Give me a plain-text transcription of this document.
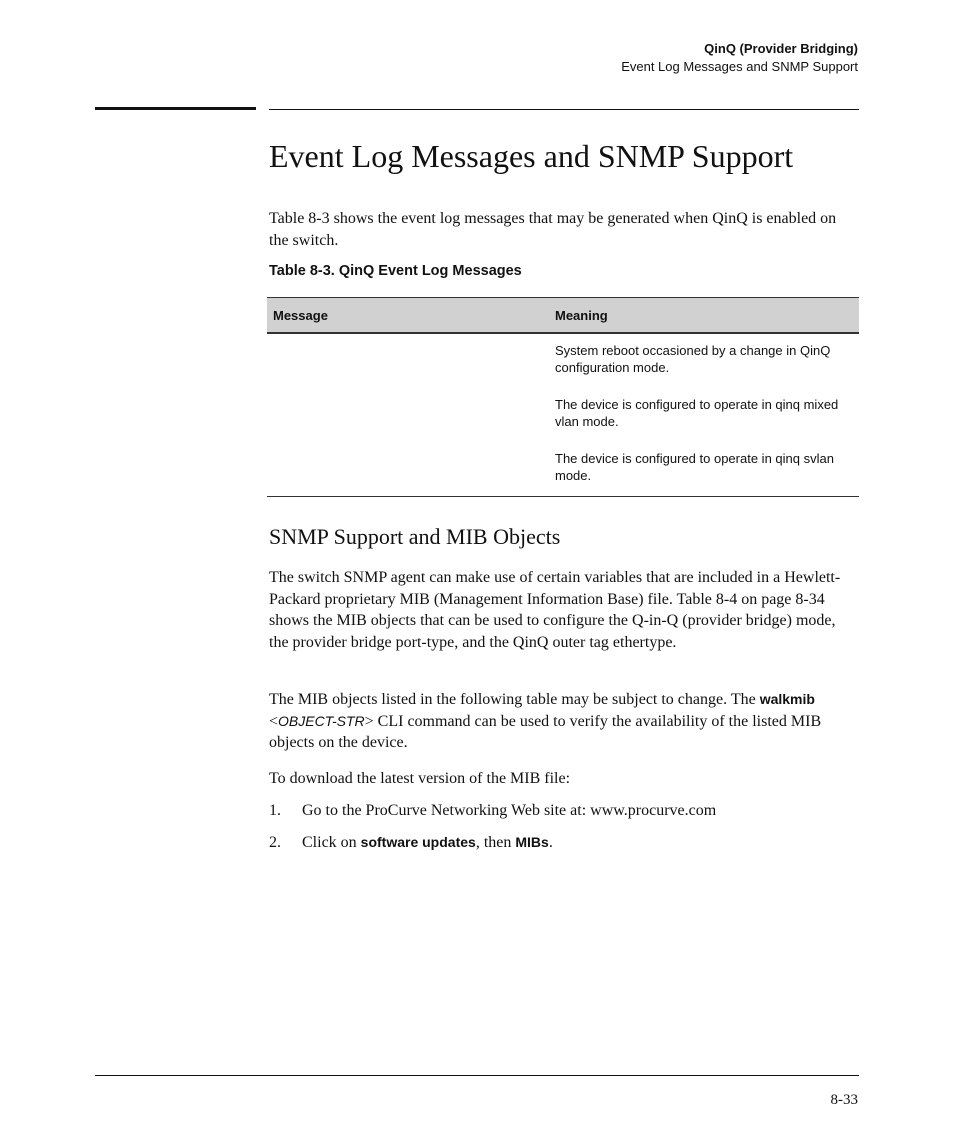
QinQ (Provider Bridging)
Event Log Messages and SNMP Support
Event Log Messages and SNMP Support

Table 8-3 shows the event log messages that may be generated when QinQ is enabled on the switch.

Table 8-3. QinQ Event Log Messages
Message	Meaning
	System reboot occasioned by a change in QinQ configuration mode.
	The device is configured to operate in qinq mixed vlan mode.
	The device is configured to operate in qinq svlan mode.
SNMP Support and MIB Objects

The switch SNMP agent can make use of certain variables that are included in a Hewlett-Packard proprietary MIB (Management Information Base) file. Table 8-4 on page 8-34 shows the MIB objects that can be used to configure the Q-in-Q (provider bridge) mode, the provider bridge port-type, and the QinQ outer tag ethertype.

The MIB objects listed in the following table may be subject to change. The walkmib <OBJECT-STR> CLI command can be used to verify the availability of the listed MIB objects on the device.

To download the latest version of the MIB file:

1. Go to the ProCurve Networking Web site at: www.procurve.com
2. Click on software updates, then MIBs.
8-33
